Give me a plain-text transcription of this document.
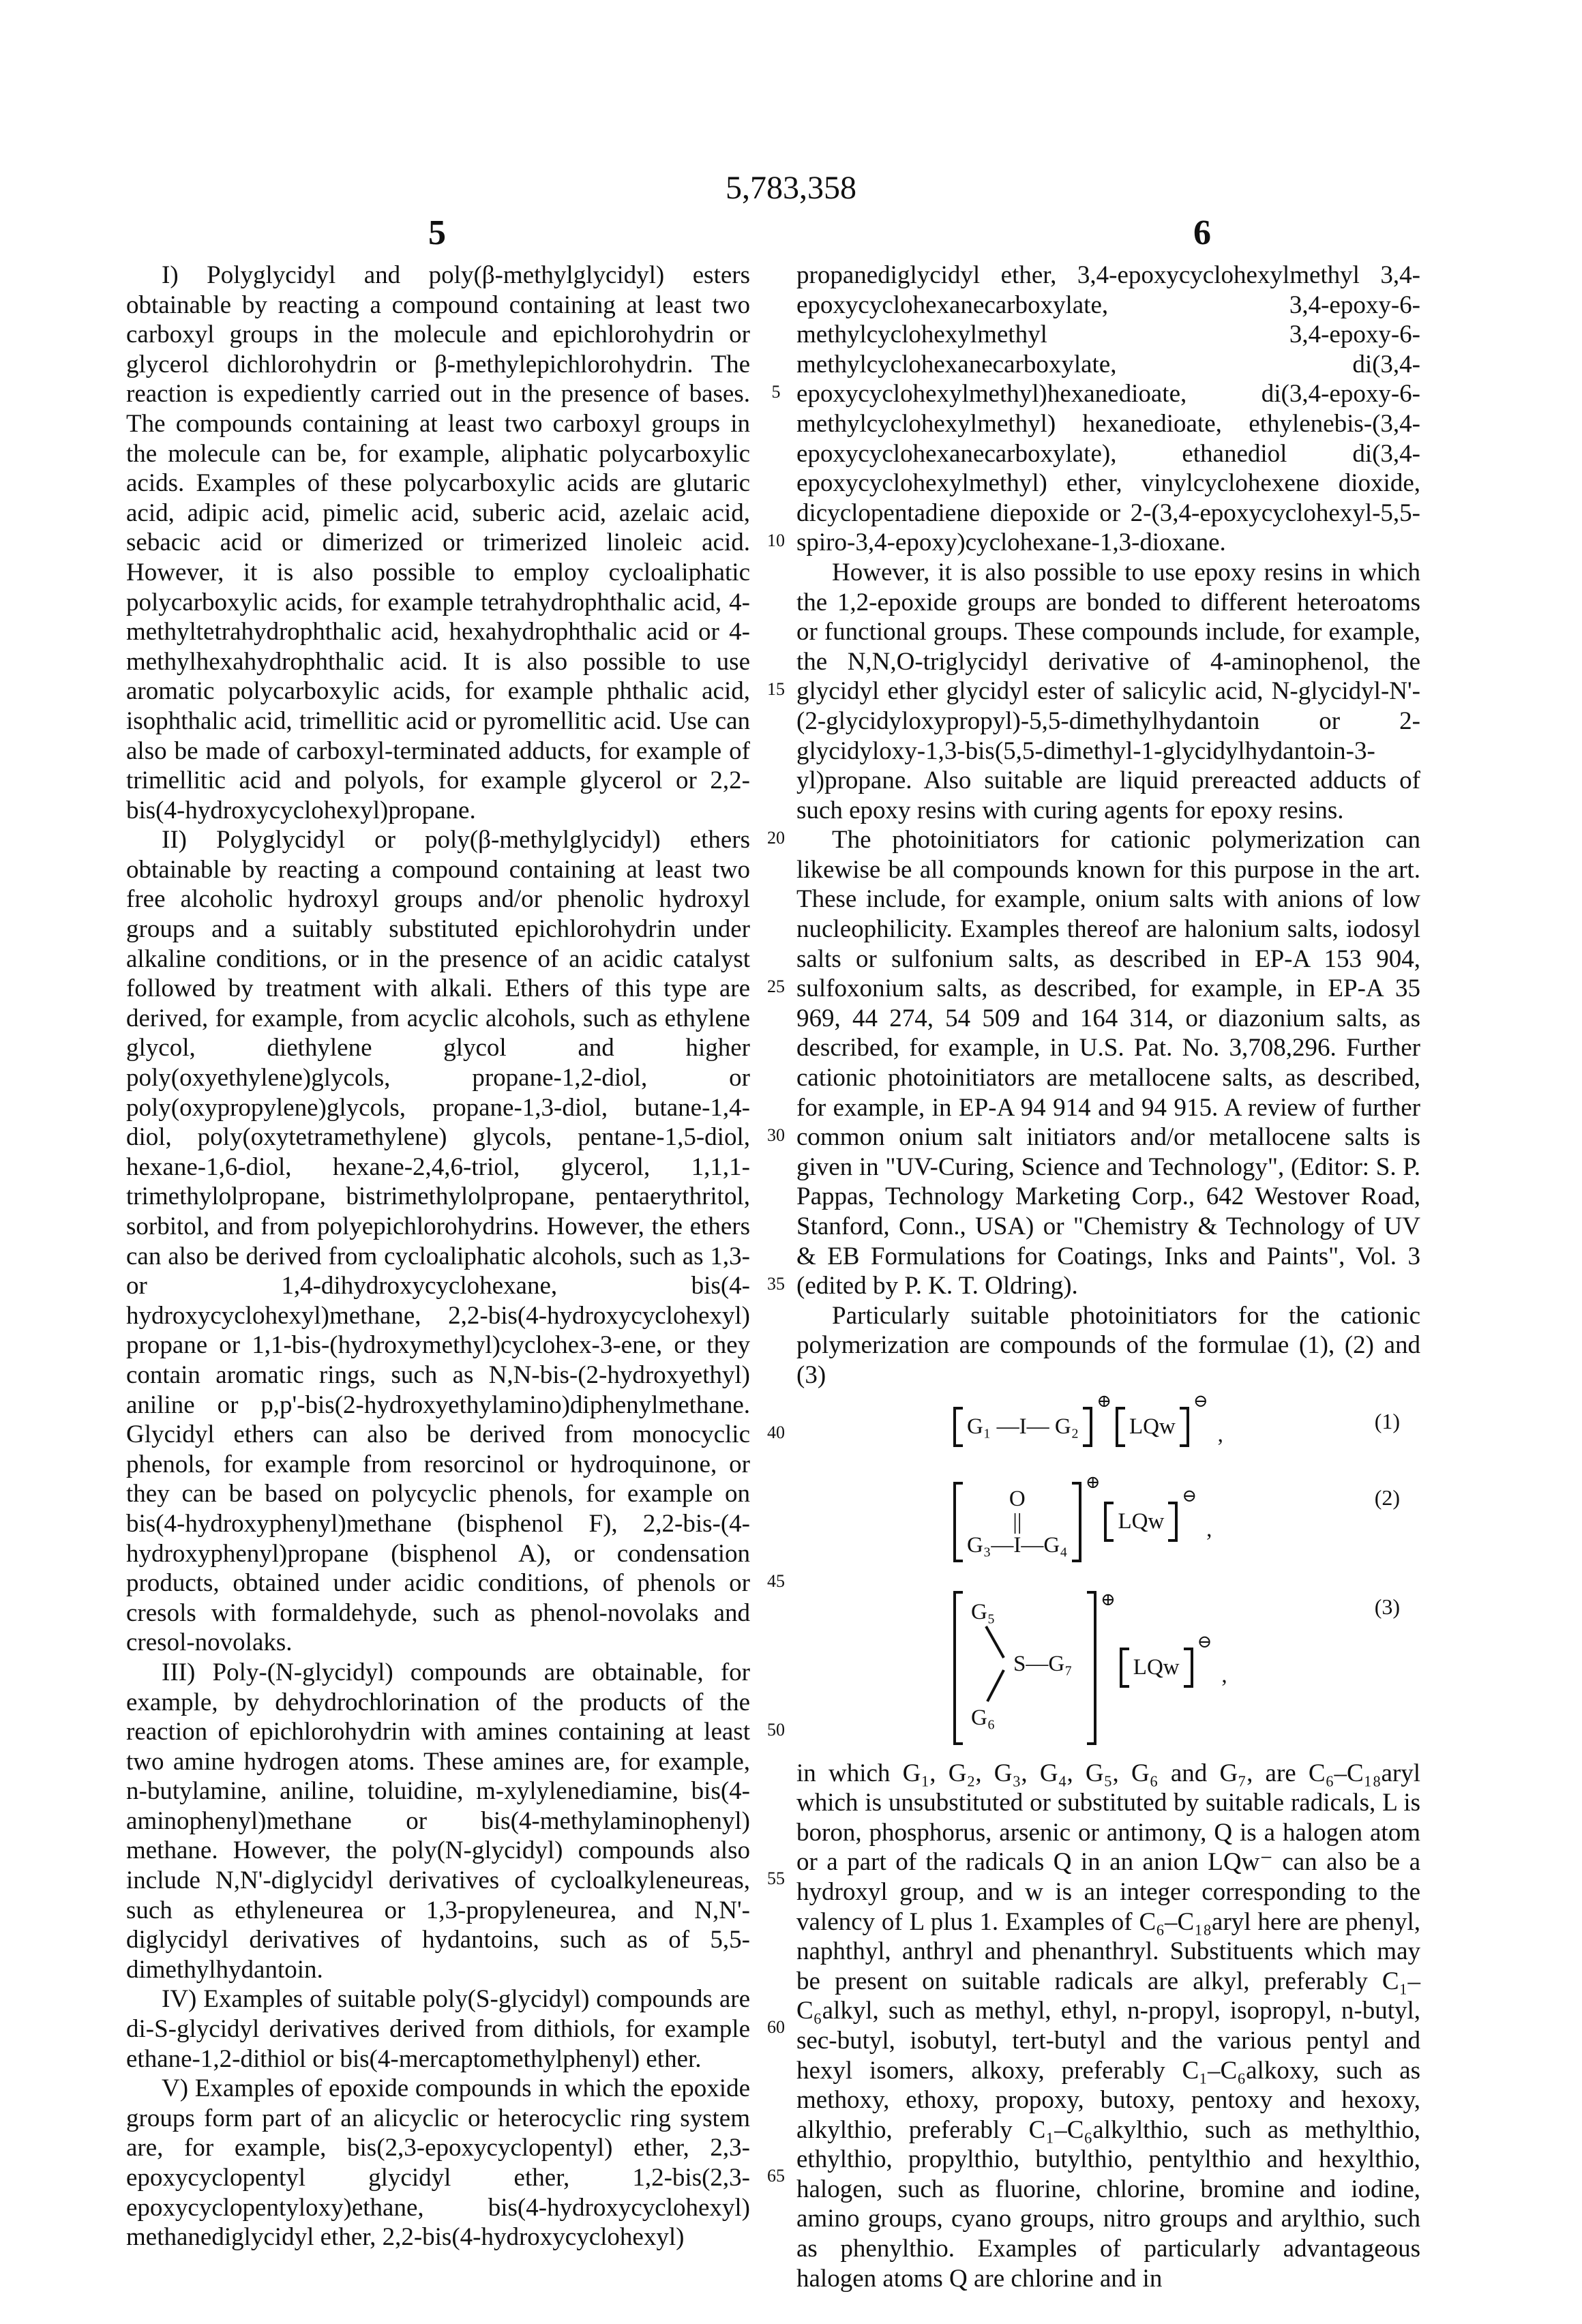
5,783,358
5	6
5
10
15
20
25
30
35
40
45
50
55
60
65

I) Polyglycidyl and poly(β-methylglycidyl) esters obtainable by reacting a compound containing at least two carboxyl groups in the molecule and epichlorohydrin or glycerol dichlorohydrin or β-methylepichlorohydrin. The reaction is expediently carried out in the presence of bases. The compounds containing at least two carboxyl groups in the molecule can be, for example, aliphatic polycarboxylic acids. Examples of these polycarboxylic acids are glutaric acid, adipic acid, pimelic acid, suberic acid, azelaic acid, sebacic acid or dimerized or trimerized linoleic acid. However, it is also possible to employ cycloaliphatic polycarboxylic acids, for example tetrahydrophthalic acid, 4-methyltetrahydrophthalic acid, hexahydrophthalic acid or 4-methylhexahydrophthalic acid. It is also possible to use aromatic polycarboxylic acids, for example phthalic acid, isophthalic acid, trimellitic acid or pyromellitic acid. Use can also be made of carboxyl-terminated adducts, for example of trimellitic acid and polyols, for example glycerol or 2,2-bis(4-hydroxycyclohexyl)propane.

II) Polyglycidyl or poly(β-methylglycidyl) ethers obtainable by reacting a compound containing at least two free alcoholic hydroxyl groups and/or phenolic hydroxyl groups and a suitably substituted epichlorohydrin under alkaline conditions, or in the presence of an acidic catalyst followed by treatment with alkali. Ethers of this type are derived, for example, from acyclic alcohols, such as ethylene glycol, diethylene glycol and higher poly(oxyethylene)glycols, propane-1,2-diol, or poly(oxypropylene)glycols, propane-1,3-diol, butane-1,4-diol, poly(oxytetramethylene) glycols, pentane-1,5-diol, hexane-1,6-diol, hexane-2,4,6-triol, glycerol, 1,1,1-trimethylolpropane, bistrimethylolpropane, pentaerythritol, sorbitol, and from polyepichlorohydrins. However, the ethers can also be derived from cycloaliphatic alcohols, such as 1,3- or 1,4-dihydroxycyclohexane, bis(4-hydroxycyclohexyl)methane, 2,2-bis(4-hydroxycyclohexyl) propane or 1,1-bis-(hydroxymethyl)cyclohex-3-ene, or they contain aromatic rings, such as N,N-bis-(2-hydroxyethyl) aniline or p,p'-bis(2-hydroxyethylamino)diphenylmethane. Glycidyl ethers can also be derived from monocyclic phenols, for example from resorcinol or hydroquinone, or they can be based on polycyclic phenols, for example on bis(4-hydroxyphenyl)methane (bisphenol F), 2,2-bis-(4-hydroxyphenyl)propane (bisphenol A), or condensation products, obtained under acidic conditions, of phenols or cresols with formaldehyde, such as phenol-novolaks and cresol-novolaks.

III) Poly-(N-glycidyl) compounds are obtainable, for example, by dehydrochlorination of the products of the reaction of epichlorohydrin with amines containing at least two amine hydrogen atoms. These amines are, for example, n-butylamine, aniline, toluidine, m-xylylenediamine, bis(4-aminophenyl)methane or bis(4-methylaminophenyl) methane. However, the poly(N-glycidyl) compounds also include N,N'-diglycidyl derivatives of cycloalkyleneureas, such as ethyleneurea or 1,3-propyleneurea, and N,N'-diglycidyl derivatives of hydantoins, such as of 5,5-dimethylhydantoin.

IV) Examples of suitable poly(S-glycidyl) compounds are di-S-glycidyl derivatives derived from dithiols, for example ethane-1,2-dithiol or bis(4-mercaptomethylphenyl) ether.

V) Examples of epoxide compounds in which the epoxide groups form part of an alicyclic or heterocyclic ring system are, for example, bis(2,3-epoxycyclopentyl) ether, 2,3-epoxycyclopentyl glycidyl ether, 1,2-bis(2,3-epoxycyclopentyloxy)ethane, bis(4-hydroxycyclohexyl) methanediglycidyl ether, 2,2-bis(4-hydroxycyclohexyl)

propanediglycidyl ether, 3,4-epoxycyclohexylmethyl 3,4-epoxycyclohexanecarboxylate, 3,4-epoxy-6-methylcyclohexylmethyl 3,4-epoxy-6-methylcyclohexanecarboxylate, di(3,4-epoxycyclohexylmethyl)hexanedioate, di(3,4-epoxy-6-methylcyclohexylmethyl) hexanedioate, ethylenebis-(3,4-epoxycyclohexanecarboxylate), ethanediol di(3,4-epoxycyclohexylmethyl) ether, vinylcyclohexene dioxide, dicyclopentadiene diepoxide or 2-(3,4-epoxycyclohexyl-5,5-spiro-3,4-epoxy)cyclohexane-1,3-dioxane.

However, it is also possible to use epoxy resins in which the 1,2-epoxide groups are bonded to different heteroatoms or functional groups. These compounds include, for example, the N,N,O-triglycidyl derivative of 4-aminophenol, the glycidyl ether glycidyl ester of salicylic acid, N-glycidyl-N'-(2-glycidyloxypropyl)-5,5-dimethylhydantoin or 2-glycidyloxy-1,3-bis(5,5-dimethyl-1-glycidylhydantoin-3-yl)propane. Also suitable are liquid prereacted adducts of such epoxy resins with curing agents for epoxy resins.

The photoinitiators for cationic polymerization can likewise be all compounds known for this purpose in the art. These include, for example, onium salts with anions of low nucleophilicity. Examples thereof are halonium salts, iodosyl salts or sulfonium salts, as described in EP-A 153 904, sulfoxonium salts, as described, for example, in EP-A 35 969, 44 274, 54 509 and 164 314, or diazonium salts, as described, for example, in U.S. Pat. No. 3,708,296. Further cationic photoinitiators are metallocene salts, as described, for example, in EP-A 94 914 and 94 915. A review of further common onium salt initiators and/or metallocene salts is given in "UV-Curing, Science and Technology", (Editor: S. P. Pappas, Technology Marketing Corp., 642 Westover Road, Stanford, Conn., USA) or "Chemistry & Technology of UV & EB Formulations for Coatings, Inks and Paints", Vol. 3 (edited by P. K. T. Oldring).

Particularly suitable photoinitiators for the cationic polymerization are compounds of the formulae (1), (2) and (3)

G₁ —I— G₂
⊕
LQw
⊖
,
(1)
O
||
G₃—I—G₄
⊕
LQw
⊖
,
(2)
G₅
G₆
S—G₇
⊕
LQw
⊖
,
(3)

in which G₁, G₂, G₃, G₄, G₅, G₆ and G₇, are C₆–C₁₈aryl which is unsubstituted or substituted by suitable radicals, L is boron, phosphorus, arsenic or antimony, Q is a halogen atom or a part of the radicals Q in an anion LQw⁻ can also be a hydroxyl group, and w is an integer corresponding to the valency of L plus 1. Examples of C₆–C₁₈aryl here are phenyl, naphthyl, anthryl and phenanthryl. Substituents which may be present on suitable radicals are alkyl, preferably C₁–C₆alkyl, such as methyl, ethyl, n-propyl, isopropyl, n-butyl, sec-butyl, isobutyl, tert-butyl and the various pentyl and hexyl isomers, alkoxy, preferably C₁–C₆alkoxy, such as methoxy, ethoxy, propoxy, butoxy, pentoxy and hexoxy, alkylthio, preferably C₁–C₆alkylthio, such as methylthio, ethylthio, propylthio, butylthio, pentylthio and hexylthio, halogen, such as fluorine, chlorine, bromine and iodine, amino groups, cyano groups, nitro groups and arylthio, such as phenylthio. Examples of particularly advantageous halogen atoms Q are chlorine and in
